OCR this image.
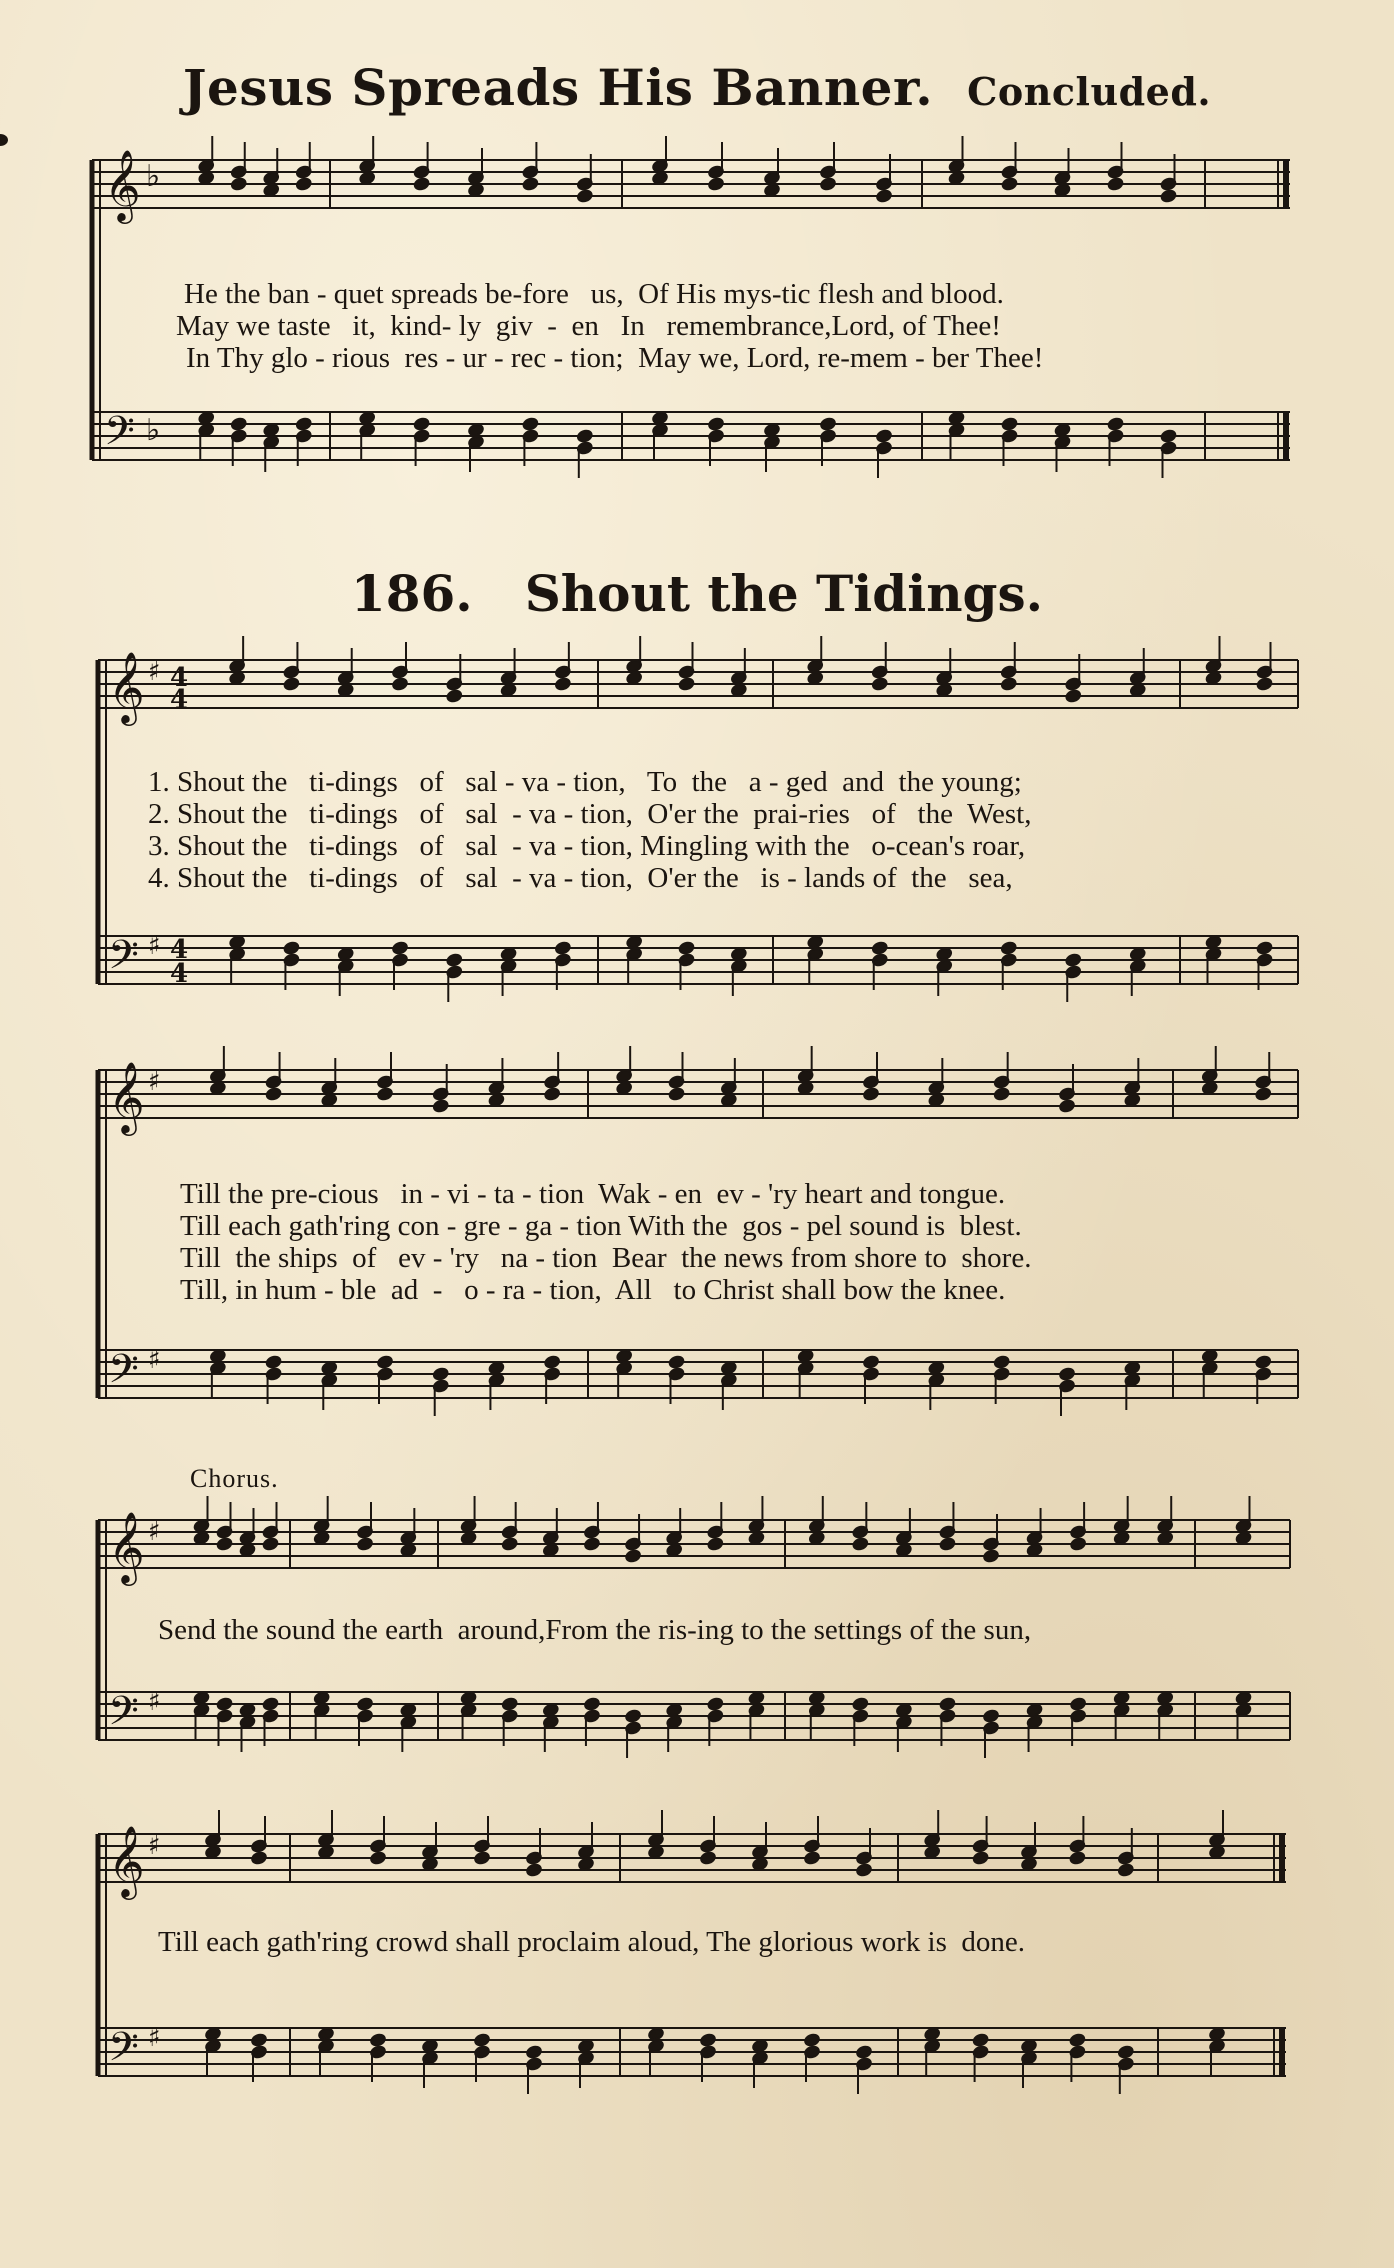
Jesus Spreads His Banner. Concluded.
𝄞 ♭
𝄢 ♭
He the ban - quet spreads be-fore   us,  Of His mys-tic flesh and blood.
May we taste   it,  kind- ly  giv  -  en   In   remembrance,Lord, of Thee!
In Thy glo - rious  res - ur - rec - tion;  May we, Lord, re-mem - ber Thee!
186. Shout the Tidings.
𝄞 ♯ 4
4
𝄢 ♯ 4
4
1. Shout the   ti-dings   of   sal - va - tion,   To  the   a - ged  and  the young;
2. Shout the   ti-dings   of   sal  - va - tion,  O'er the  prai-ries   of   the  West,
3. Shout the   ti-dings   of   sal  - va - tion, Mingling with the   o-cean's roar,
4. Shout the   ti-dings   of   sal  - va - tion,  O'er the   is - lands of  the   sea,
𝄞 ♯
𝄢 ♯
Till the pre-cious   in - vi - ta - tion  Wak - en  ev - 'ry heart and tongue.
Till each gath'ring con - gre - ga - tion With the  gos - pel sound is  blest.
Till  the ships  of   ev - 'ry   na - tion  Bear  the news from shore to  shore.
Till, in hum - ble  ad  -   o - ra - tion,  All   to Christ shall bow the knee.
Chorus.
𝄞 ♯
𝄢 ♯
Send the sound the earth  around,From the ris-ing to the settings of the sun,
𝄞 ♯
𝄢 ♯
Till each gath'ring crowd shall proclaim aloud, The glorious work is  done.
